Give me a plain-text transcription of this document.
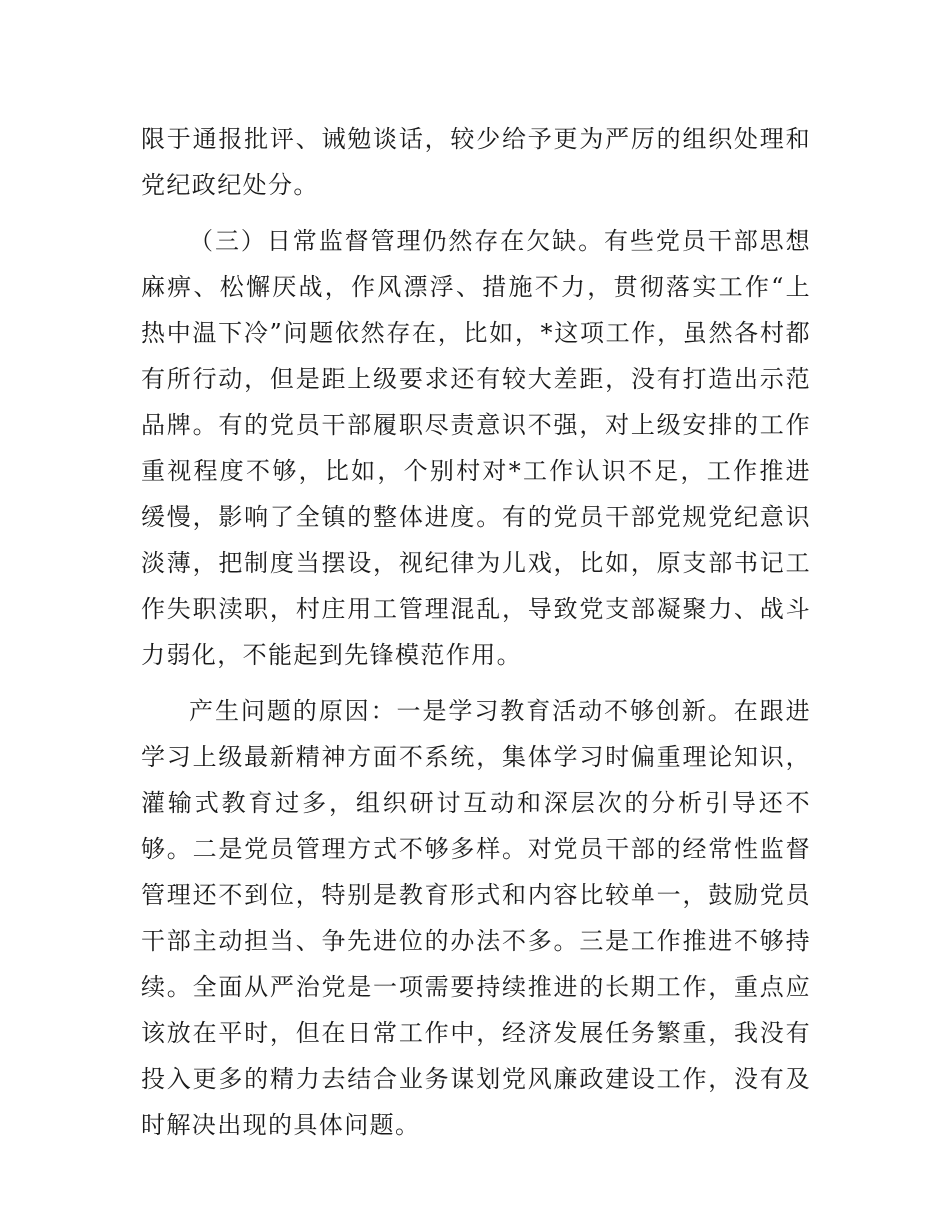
限于通报批评、诫勉谈话，较少给予更为严厉的组织处理和党纪政纪处分。

（三）日常监督管理仍然存在欠缺。有些党员干部思想麻痹、松懈厌战，作风漂浮、措施不力，贯彻落实工作“上热中温下冷”问题依然存在，比如，*这项工作，虽然各村都有所行动，但是距上级要求还有较大差距，没有打造出示范品牌。有的党员干部履职尽责意识不强，对上级安排的工作重视程度不够，比如，个别村对*工作认识不足，工作推进缓慢，影响了全镇的整体进度。有的党员干部党规党纪意识淡薄，把制度当摆设，视纪律为儿戏，比如，原支部书记工作失职渎职，村庄用工管理混乱，导致党支部凝聚力、战斗力弱化，不能起到先锋模范作用。

产生问题的原因：一是学习教育活动不够创新。在跟进学习上级最新精神方面不系统，集体学习时偏重理论知识，灌输式教育过多，组织研讨互动和深层次的分析引导还不够。二是党员管理方式不够多样。对党员干部的经常性监督管理还不到位，特别是教育形式和内容比较单一，鼓励党员干部主动担当、争先进位的办法不多。三是工作推进不够持续。全面从严治党是一项需要持续推进的长期工作，重点应该放在平时，但在日常工作中，经济发展任务繁重，我没有投入更多的精力去结合业务谋划党风廉政建设工作，没有及时解决出现的具体问题。
